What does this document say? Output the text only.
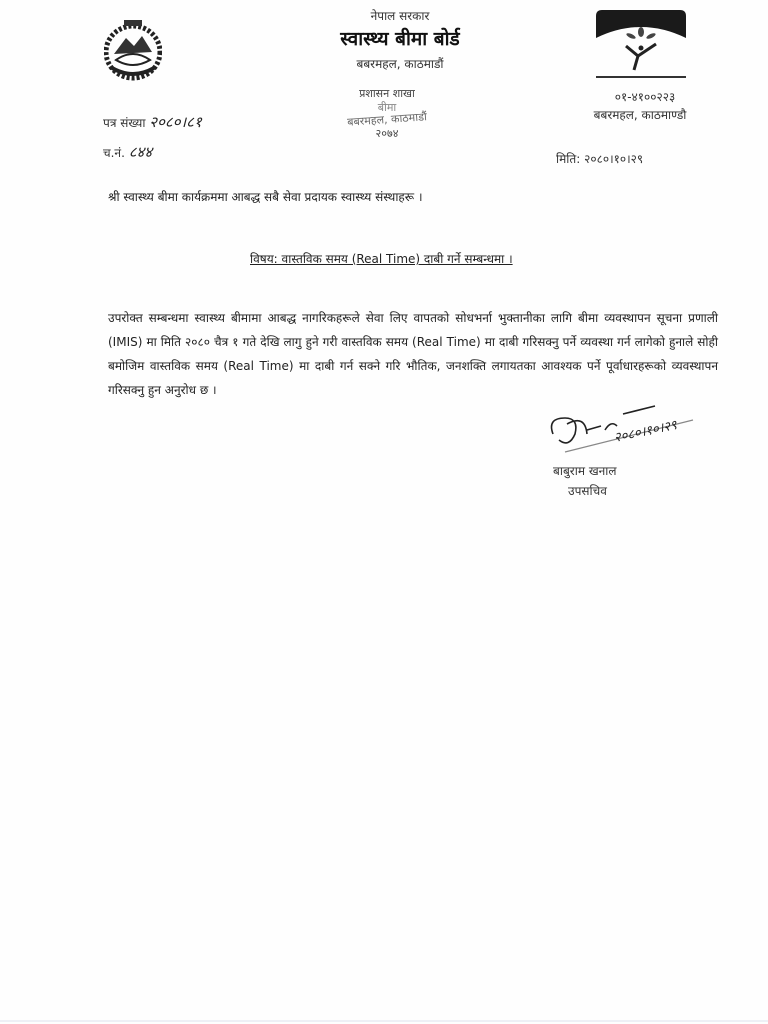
नेपाल सरकार
स्वास्थ्य बीमा बोर्ड
बबरमहल, काठमाडौं
प्रशासन शाखा
बीमा
बबरमहल, काठमाडौं
२०७४
०१-४१००२२३
बबरमहल, काठमाण्डौ
मिति: २०८०।१०।२९
पत्र संख्या २०८०।८१
च.नं. ८४४
श्री स्वास्थ्य बीमा कार्यक्रममा आबद्ध सबै सेवा प्रदायक स्वास्थ्य संस्थाहरू ।
विषय: वास्तविक समय (Real Time) दाबी गर्ने सम्बन्धमा ।
उपरोक्त सम्बन्धमा स्वास्थ्य बीमामा आबद्ध नागरिकहरूले सेवा लिए वापतको सोधभर्ना भुक्तानीका लागि बीमा व्यवस्थापन सूचना प्रणाली (IMIS) मा मिति २०८० चैत्र १ गते देखि लागु हुने गरी वास्तविक समय (Real Time) मा दाबी गरिसक्नु पर्ने व्यवस्था गर्न लागेको हुनाले सोही बमोजिम वास्तविक समय (Real Time) मा दाबी गर्न सक्ने गरि भौतिक, जनशक्ति लगायतका आवश्यक पर्ने पूर्वाधारहरूको व्यवस्थापन गरिसक्नु हुन अनुरोध छ ।
२०८०।१०।२९
बाबुराम खनाल
उपसचिव
